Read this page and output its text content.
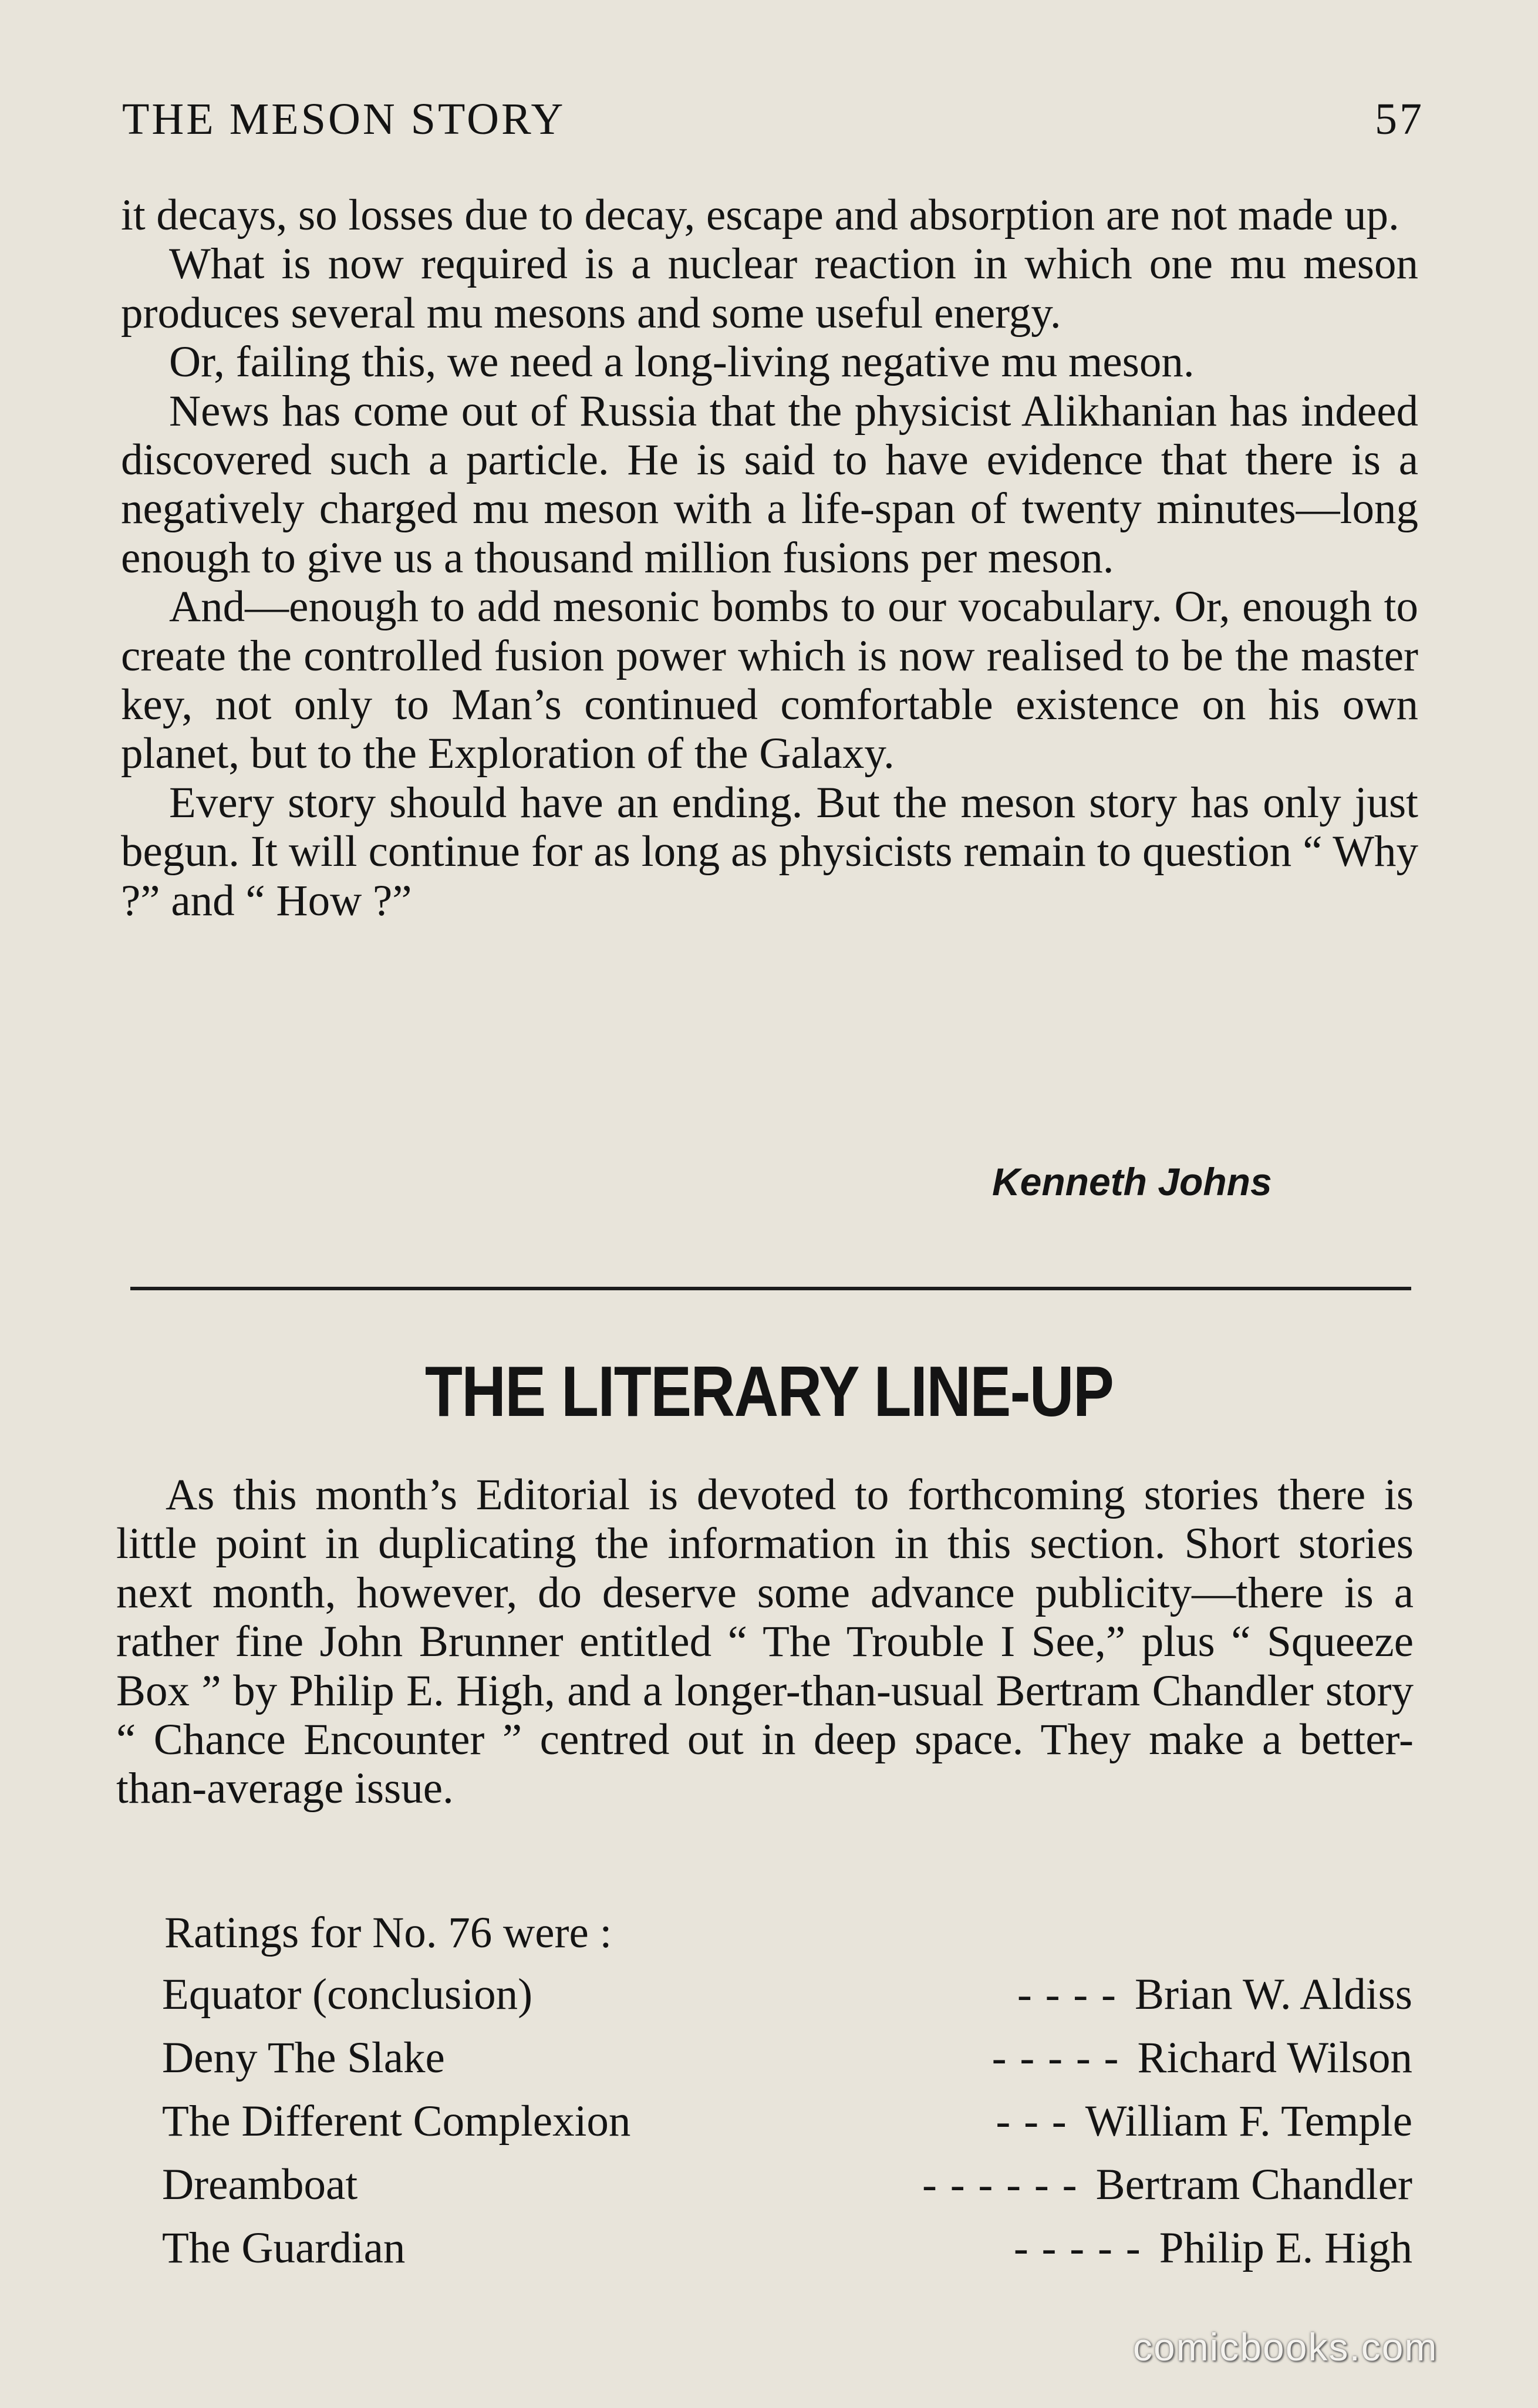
THE MESON STORY	57

it decays, so losses due to decay, escape and absorption are not made up.

What is now required is a nuclear reaction in which one mu meson produces several mu mesons and some useful energy.

Or, failing this, we need a long-living negative mu meson.

News has come out of Russia that the physicist Alikhanian has indeed discovered such a particle. He is said to have evidence that there is a negatively charged mu meson with a life-span of twenty minutes—long enough to give us a thousand million fusions per meson.

And—enough to add mesonic bombs to our vocabulary. Or, enough to create the controlled fusion power which is now realised to be the master key, not only to Man’s continued comfortable existence on his own planet, but to the Exploration of the Galaxy.

Every story should have an ending. But the meson story has only just begun. It will continue for as long as physicists remain to question “ Why ?” and “ How ?”

Kenneth Johns
THE LITERARY LINE-UP

As this month’s Editorial is devoted to forthcoming stories there is little point in duplicating the information in this section. Short stories next month, however, do deserve some advance publicity—there is a rather fine John Brunner entitled “ The Trouble I See,” plus “ Squeeze Box ” by Philip E. High, and a longer-than-usual Bertram Chandler story “ Chance Encounter ” centred out in deep space. They make a better-than-average issue.

Ratings for No. 76 were :
Equator (conclusion)	- - - - Brian W. Aldiss
Deny The Slake	- - - - - Richard Wilson
The Different Complexion	- - - William F. Temple
Dreamboat	- - - - - - Bertram Chandler
The Guardian	- - - - - Philip E. High
comicbooks.com
